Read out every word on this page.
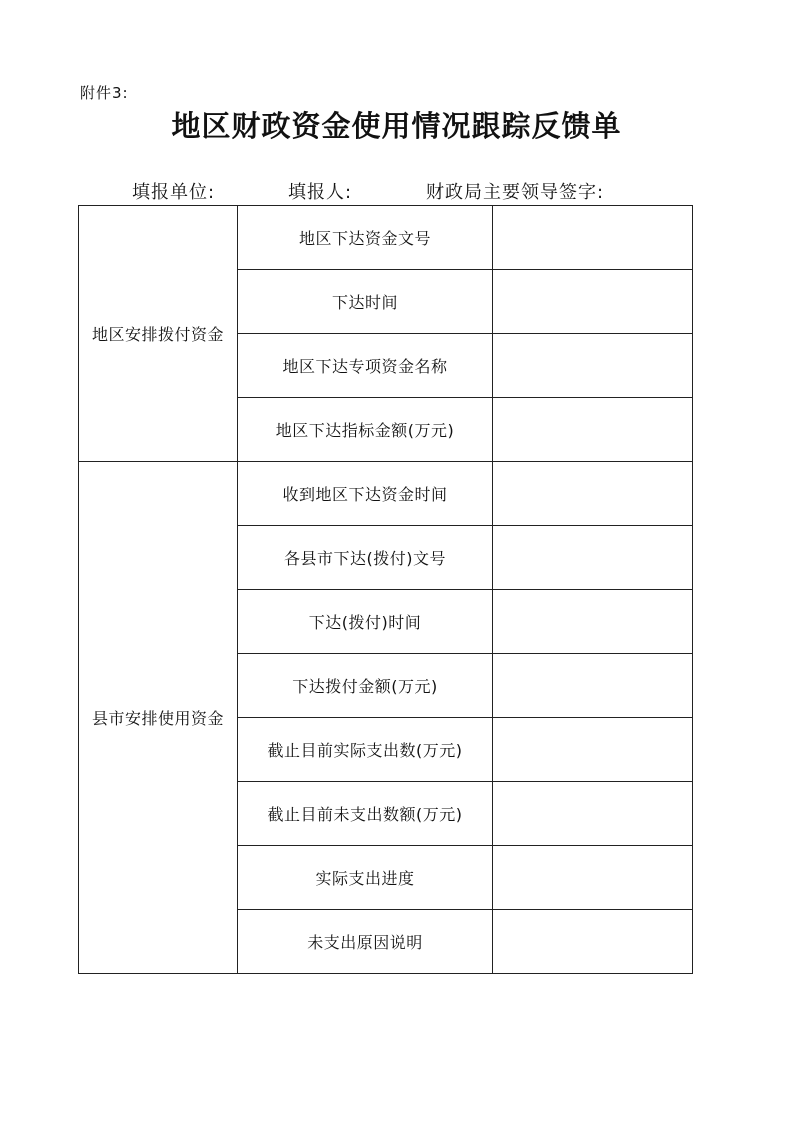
附件3:
地区财政资金使用情况跟踪反馈单
填报单位:	填报人:	财政局主要领导签字:
地区安排拨付资金	地区下达资金文号	
	下达时间	
	地区下达专项资金名称	
	地区下达指标金额(万元)	
县市安排使用资金	收到地区下达资金时间	
	各县市下达(拨付)文号	
	下达(拨付)时间	
	下达拨付金额(万元)	
	截止目前实际支出数(万元)	
	截止目前未支出数额(万元)	
	实际支出进度	
	未支出原因说明	
